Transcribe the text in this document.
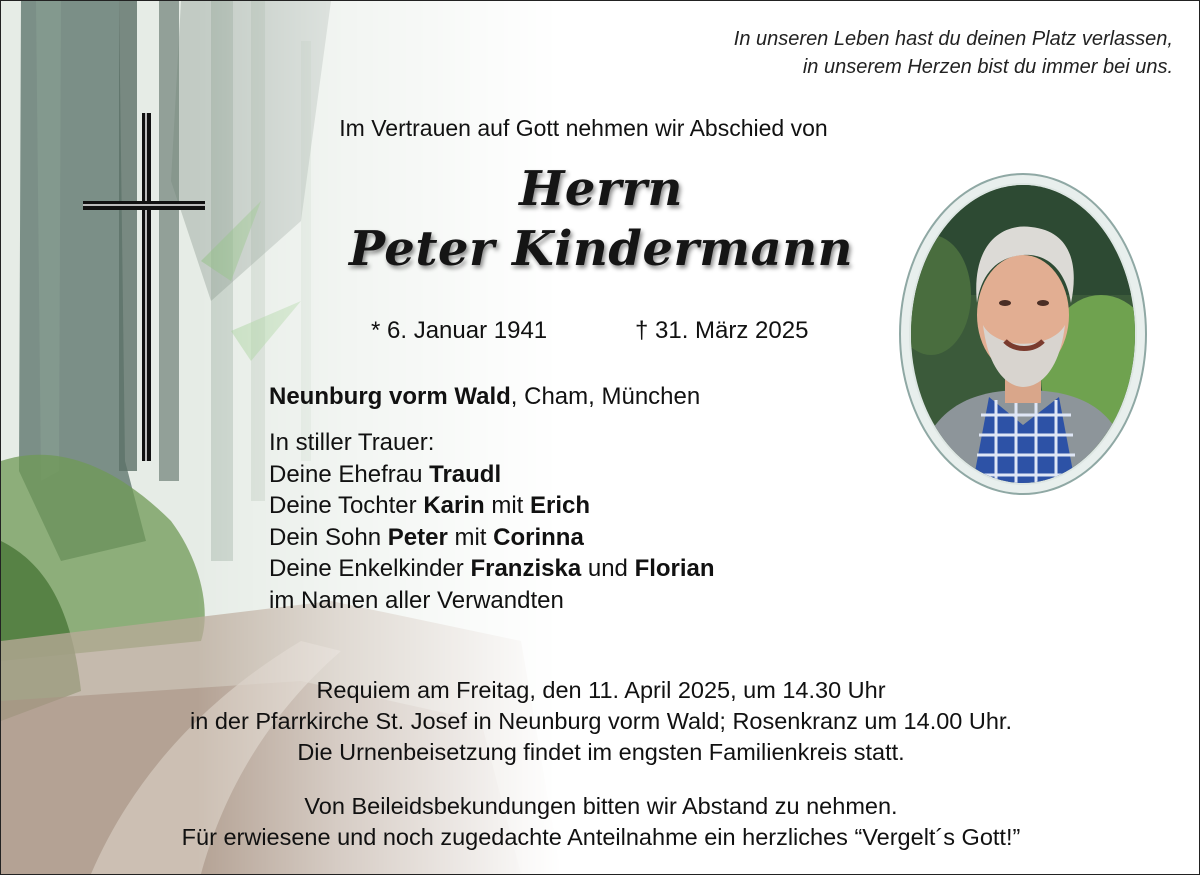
In unseren Leben hast du deinen Platz verlassen,
in unserem Herzen bist du immer bei uns.
Im Vertrauen auf Gott nehmen wir Abschied von
Herrn
Peter Kindermann
* 6. Januar 1941	† 31. März 2025
Neunburg vorm Wald, Cham, München
In stiller Trauer:
Deine Ehefrau Traudl
Deine Tochter Karin mit Erich
Dein Sohn Peter mit Corinna
Deine Enkelkinder Franziska und Florian
im Namen aller Verwandten
Requiem am Freitag, den 11. April 2025, um 14.30 Uhr
in der Pfarrkirche St. Josef in Neunburg vorm Wald; Rosenkranz um 14.00 Uhr.
Die Urnenbeisetzung findet im engsten Familienkreis statt.
Von Beileidsbekundungen bitten wir Abstand zu nehmen.
Für erwiesene und noch zugedachte Anteilnahme ein herzliches “Vergelt´s Gott!”
